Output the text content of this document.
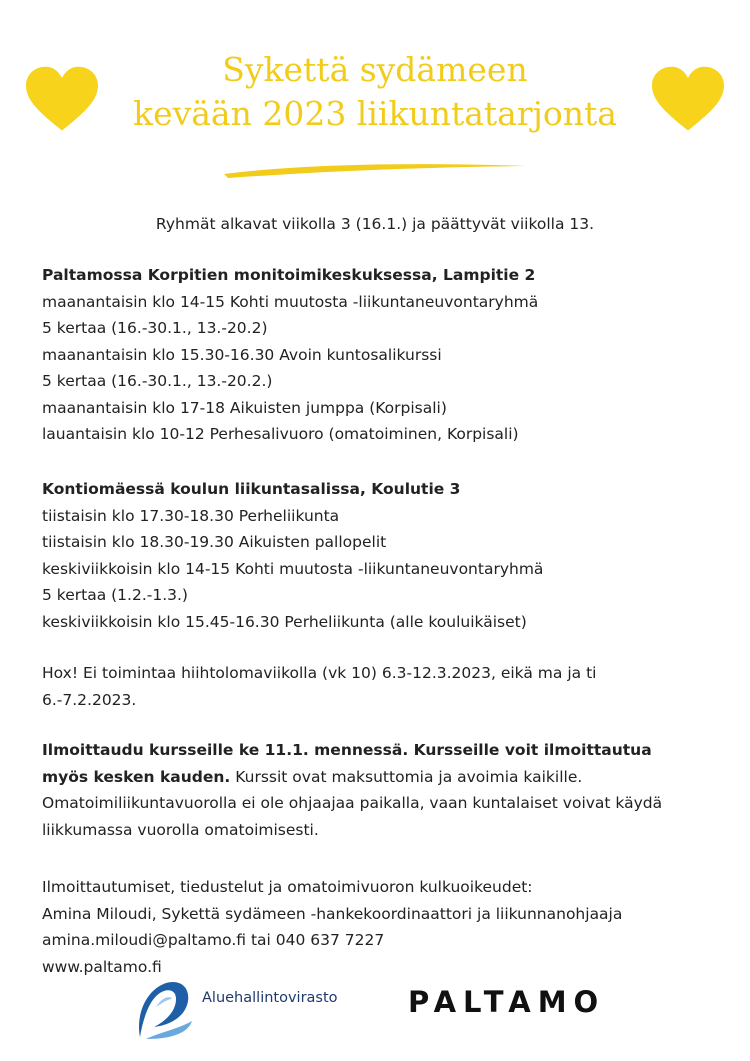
Sykettä sydämeen
kevään 2023 liikuntatarjonta
Ryhmät alkavat viikolla 3 (16.1.) ja päättyvät viikolla 13.
Paltamossa Korpitien monitoimikeskuksessa, Lampitie 2
maanantaisin klo 14-15 Kohti muutosta -liikuntaneuvontaryhmä
5 kertaa (16.-30.1., 13.-20.2)
maanantaisin klo 15.30-16.30 Avoin kuntosalikurssi
5 kertaa (16.-30.1., 13.-20.2.)
maanantaisin klo 17-18 Aikuisten jumppa (Korpisali)
lauantaisin klo 10-12 Perhesalivuoro (omatoiminen, Korpisali)
Kontiomäessä koulun liikuntasalissa, Koulutie 3
tiistaisin klo 17.30-18.30 Perheliikunta
tiistaisin klo 18.30-19.30 Aikuisten pallopelit
keskiviikkoisin klo 14-15 Kohti muutosta -liikuntaneuvontaryhmä
5 kertaa (1.2.-1.3.)
keskiviikkoisin klo 15.45-16.30 Perheliikunta (alle kouluikäiset)
Hox! Ei toimintaa hiihtolomaviikolla (vk 10) 6.3-12.3.2023, eikä ma ja ti
6.-7.2.2023.
Ilmoittaudu kursseille ke 11.1. mennessä. Kursseille voit ilmoittautua
myös kesken kauden. Kurssit ovat maksuttomia ja avoimia kaikille.
Omatoimiliikuntavuorolla ei ole ohjaajaa paikalla, vaan kuntalaiset voivat käydä
liikkumassa vuorolla omatoimisesti.
Ilmoittautumiset, tiedustelut ja omatoimivuoron kulkuoikeudet:
Amina Miloudi, Sykettä sydämeen -hankekoordinaattori ja liikunnanohjaaja
amina.miloudi@paltamo.fi tai 040 637 7227
www.paltamo.fi
Aluehallintovirasto PALTAMO
